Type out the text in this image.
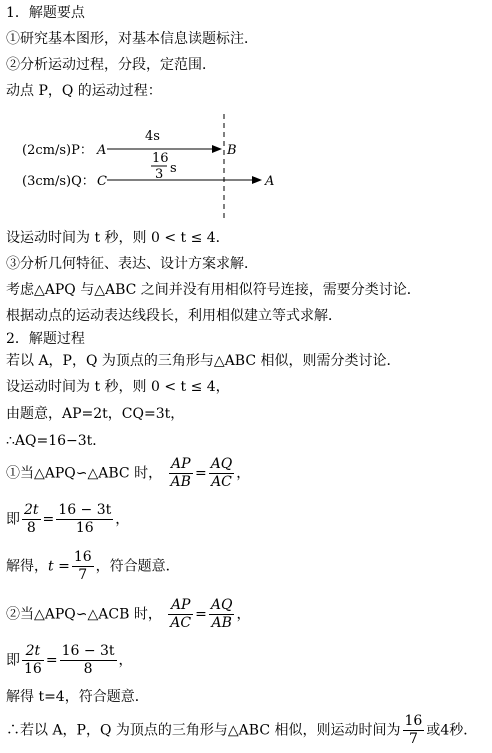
1．解题要点
①研究基本图形，对基本信息读题标注．
②分析运动过程，分段，定范围．
动点 P，Q 的运动过程：
(2cm/s)P： A	B
4s
(3cm/s)Q： C	A
16
3 s
设运动时间为 t 秒，则 0 < t ≤ 4．
③分析几何特征、表达、设计方案求解．
考虑△APQ 与△ABC 之间并没有用相似符号连接，需要分类讨论．
根据动点的运动表达线段长，利用相似建立等式求解．
2．解题过程
若以 A，P，Q 为顶点的三角形与△ABC 相似，则需分类讨论．
设运动时间为 t 秒，则 0 < t ≤ 4，
由题意，AP=2t，CQ=3t，
∴AQ=16−3t．
①当△APQ∽△ABC 时， $\frac{AP}{AB} = \frac{AQ}{AC}$ ，
即 $\frac{2t}{8} = \frac{16 - 3t}{16}$ ，
解得，$t = \frac{16}{7}$ ，符合题意．
②当△APQ∽△ACB 时， $\frac{AP}{AC} = \frac{AQ}{AB}$ ，
即 $\frac{2t}{16} = \frac{16 - 3t}{8}$ ，
解得 t=4，符合题意．
∴若以 A，P，Q 为顶点的三角形与△ABC 相似，则运动时间为 $\frac{16}{7}$ 或4秒．
